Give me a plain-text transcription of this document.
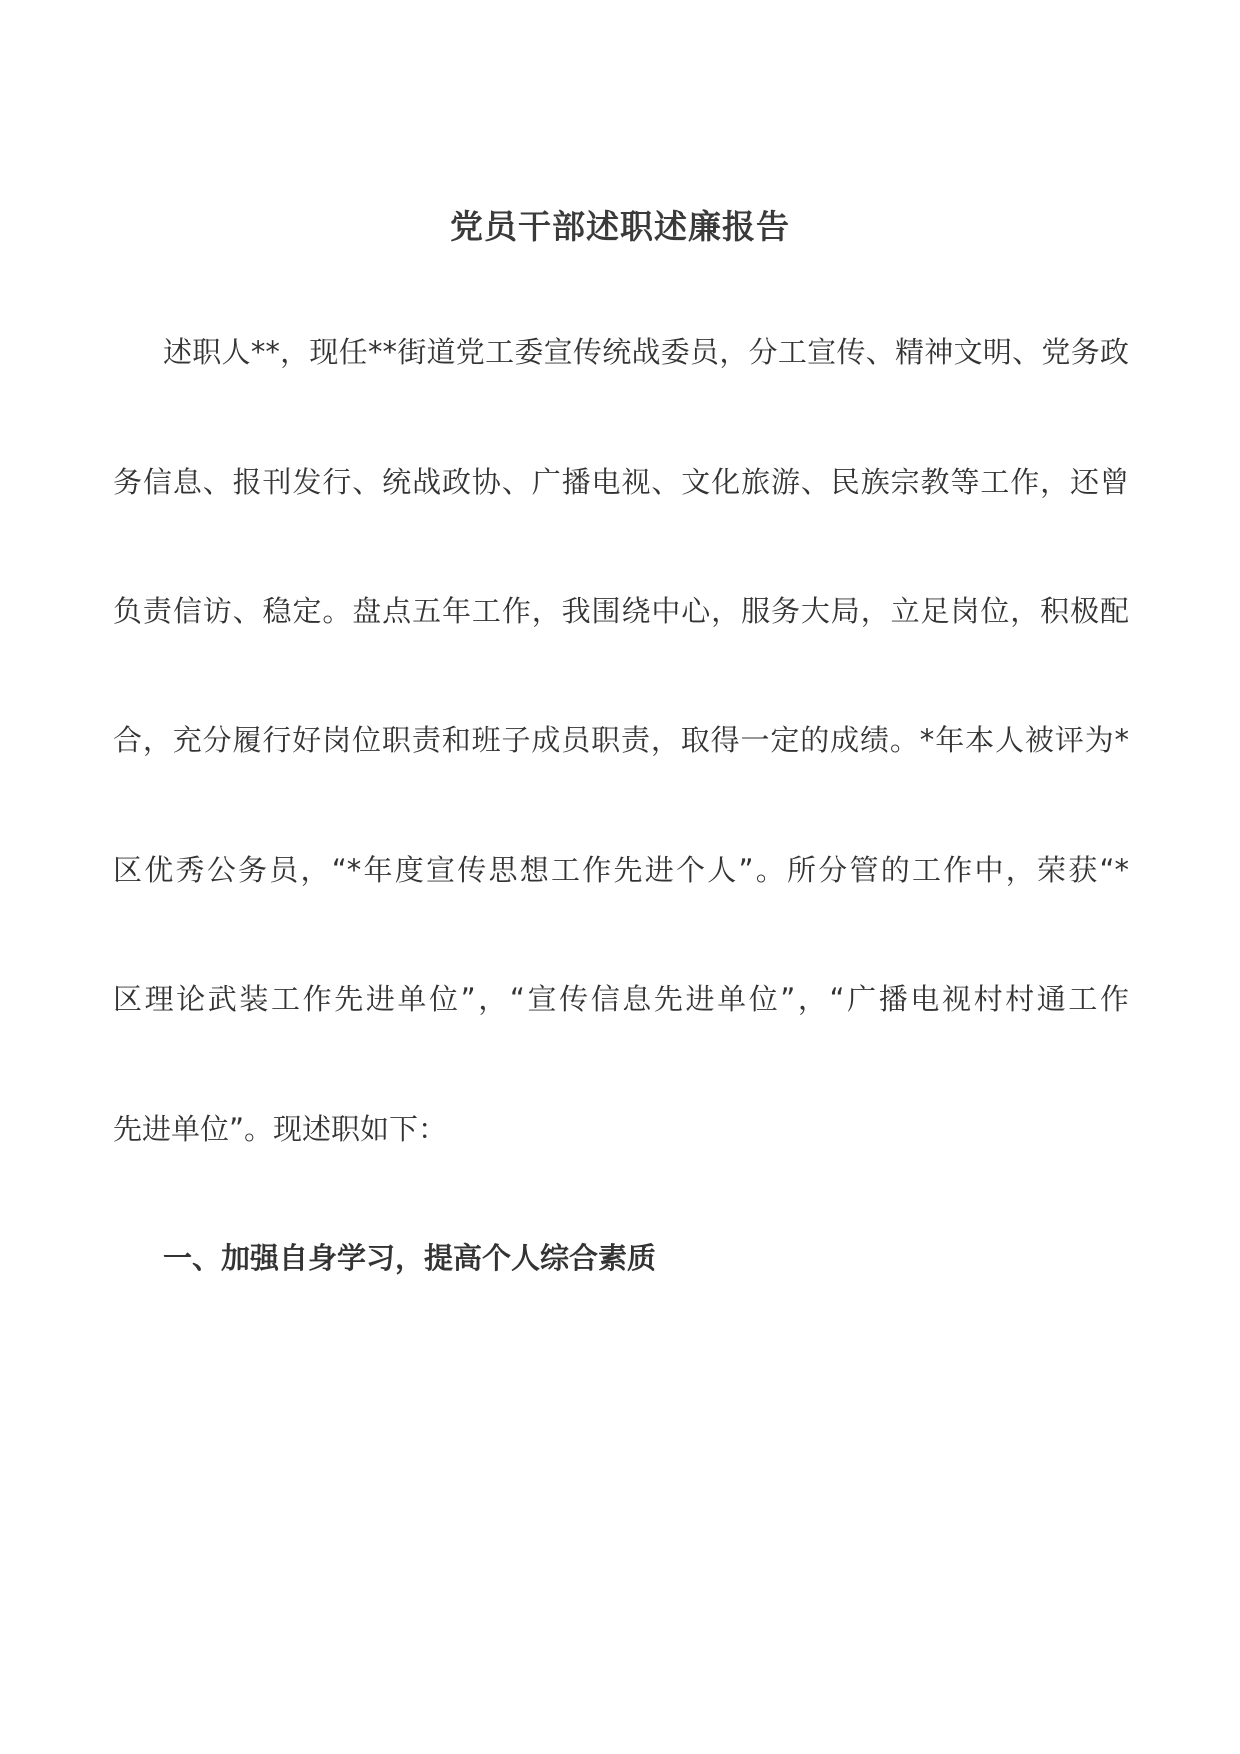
党员干部述职述廉报告

述职人**，现任**街道党工委宣传统战委员，分工宣传、精神文明、党务政

务信息、报刊发行、统战政协、广播电视、文化旅游、民族宗教等工作，还曾

负责信访、稳定。盘点五年工作，我围绕中心，服务大局，立足岗位，积极配

合，充分履行好岗位职责和班子成员职责，取得一定的成绩。*年本人被评为*

区优秀公务员，“*年度宣传思想工作先进个人”。所分管的工作中，荣获“*

区理论武装工作先进单位”，“宣传信息先进单位”，“广播电视村村通工作

先进单位”。现述职如下：

一、加强自身学习，提高个人综合素质
